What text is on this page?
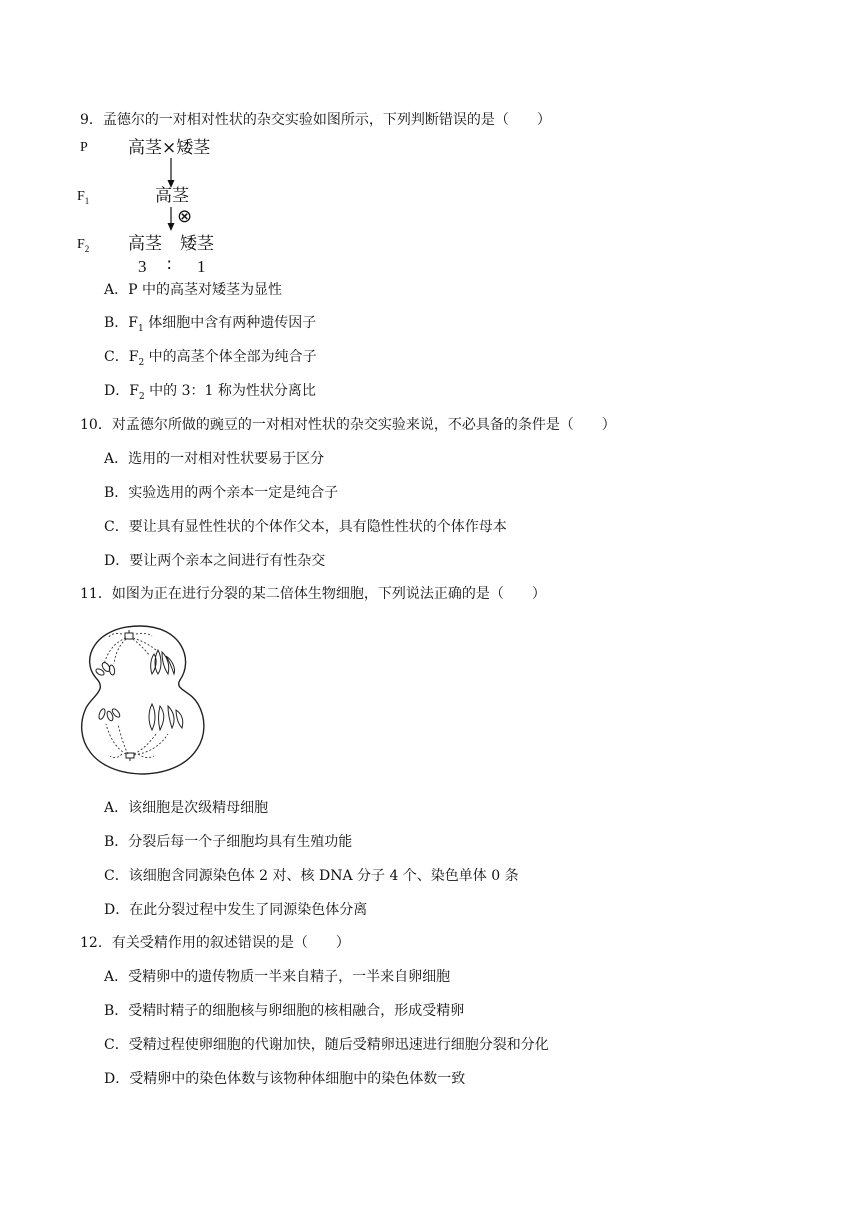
9．孟德尔的一对相对性状的杂交实验如图所示，下列判断错误的是（　　）
P
$F_1$
$F_2$
高茎×矮茎
高茎
⊗
高茎 矮茎
3 ∶ 1
A．P 中的高茎对矮茎为显性
B．$F_1$ 体细胞中含有两种遗传因子
C．$F_2$ 中的高茎个体全部为纯合子
D．$F_2$ 中的 3：1 称为性状分离比
10．对孟德尔所做的豌豆的一对相对性状的杂交实验来说，不必具备的条件是（　　）
A．选用的一对相对性状要易于区分
B．实验选用的两个亲本一定是纯合子
C．要让具有显性性状的个体作父本，具有隐性性状的个体作母本
D．要让两个亲本之间进行有性杂交
11．如图为正在进行分裂的某二倍体生物细胞，下列说法正确的是（　　）
A．该细胞是次级精母细胞
B．分裂后每一个子细胞均具有生殖功能
C．该细胞含同源染色体 2 对、核 DNA 分子 4 个、染色单体 0 条
D．在此分裂过程中发生了同源染色体分离
12．有关受精作用的叙述错误的是（　　）
A．受精卵中的遗传物质一半来自精子，一半来自卵细胞
B．受精时精子的细胞核与卵细胞的核相融合，形成受精卵
C．受精过程使卵细胞的代谢加快，随后受精卵迅速进行细胞分裂和分化
D．受精卵中的染色体数与该物种体细胞中的染色体数一致
